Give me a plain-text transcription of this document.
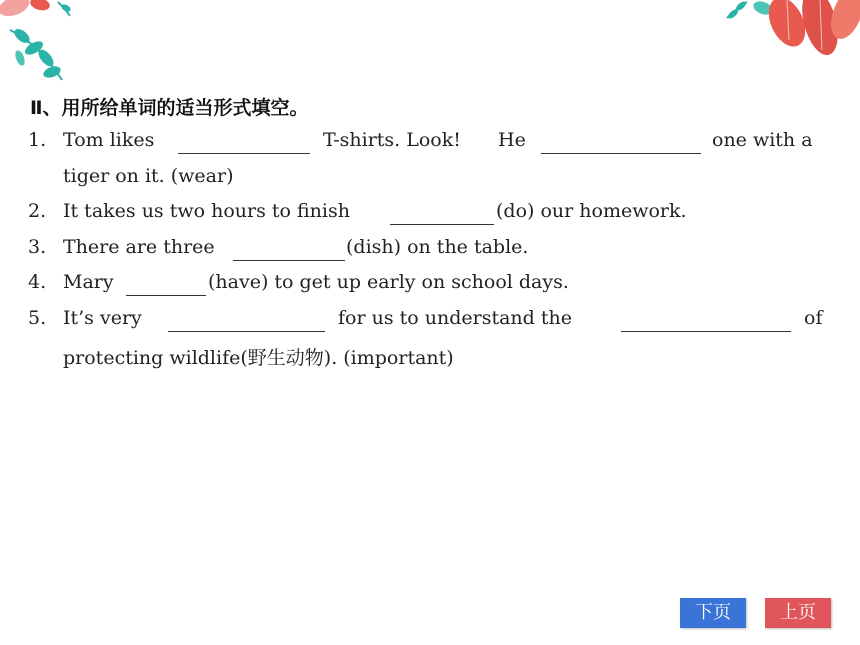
Ⅱ、用所给单词的适当形式填空。
1. Tom likes	T-shirts. Look! He	one with a
tiger on it. (wear)
2. It takes us two hours to finish	(do) our homework.
3. There are three	(dish) on the table.
4. Mary	(have) to get up early on school days.
5. It’s very	for us to understand the	of
protecting wildlife(野生动物). (important)
下页	上页
